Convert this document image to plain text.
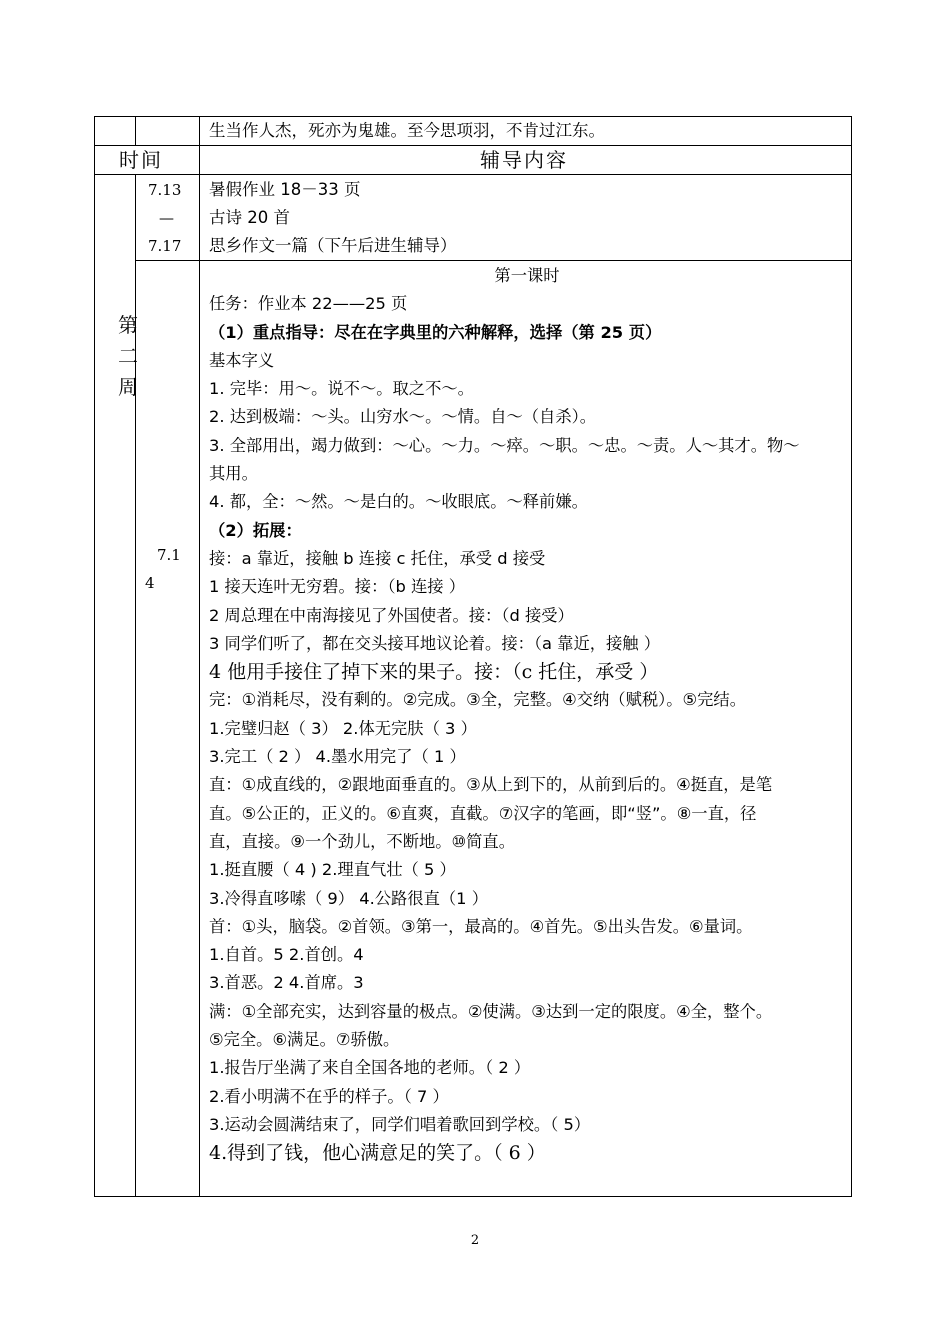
生当作人杰，死亦为鬼雄。至今思项羽，不肯过江东。
时间	辅导内容
第
二
周
7.13
—
7.17
暑假作业 18－33 页
古诗 20 首
思乡作文一篇（下午后进生辅导）
7.1
4
第一课时
任务：作业本 22——25 页
（1）重点指导：尽在在字典里的六种解释，选择（第 25 页）
基本字义
1. 完毕：用～。说不～。取之不～。
2. 达到极端：～头。山穷水～。～情。自～（自杀）。
3. 全部用出，竭力做到：～心。～力。～瘁。～职。～忠。～责。人～其才。物～
其用。
4. 都，全：～然。～是白的。～收眼底。～释前嫌。
（2）拓展：
接：a 靠近，接触 b 连接 c 托住，承受 d 接受
1 接天连叶无穷碧。接：（b 连接 ）
2 周总理在中南海接见了外国使者。接：（d 接受）
3 同学们听了，都在交头接耳地议论着。接：（a 靠近，接触 ）
4 他用手接住了掉下来的果子。接：（c 托住，承受 ）
完：①消耗尽，没有剩的。②完成。③全，完整。④交纳（赋税）。⑤完结。
1.完璧归赵（ 3） 2.体无完肤（ 3 ）
3.完工（ 2 ） 4.墨水用完了（ 1 ）
直：①成直线的，②跟地面垂直的。③从上到下的，从前到后的。④挺直，是笔
直。⑤公正的，正义的。⑥直爽，直截。⑦汉字的笔画，即“竖”。⑧一直，径
直，直接。⑨一个劲儿，不断地。⑩简直。
1.挺直腰（ 4 ) 2.理直气壮（ 5 ）
3.冷得直哆嗦（ 9） 4.公路很直（1 ）
首：①头，脑袋。②首领。③第一，最高的。④首先。⑤出头告发。⑥量词。
1.自首。5 2.首创。4
3.首恶。2 4.首席。3
满：①全部充实，达到容量的极点。②使满。③达到一定的限度。④全，整个。
⑤完全。⑥满足。⑦骄傲。
1.报告厅坐满了来自全国各地的老师。（ 2 ）
2.看小明满不在乎的样子。（ 7 ）
3.运动会圆满结束了，同学们唱着歌回到学校。（ 5）
4.得到了钱，他心满意足的笑了。（ 6 ）
2
